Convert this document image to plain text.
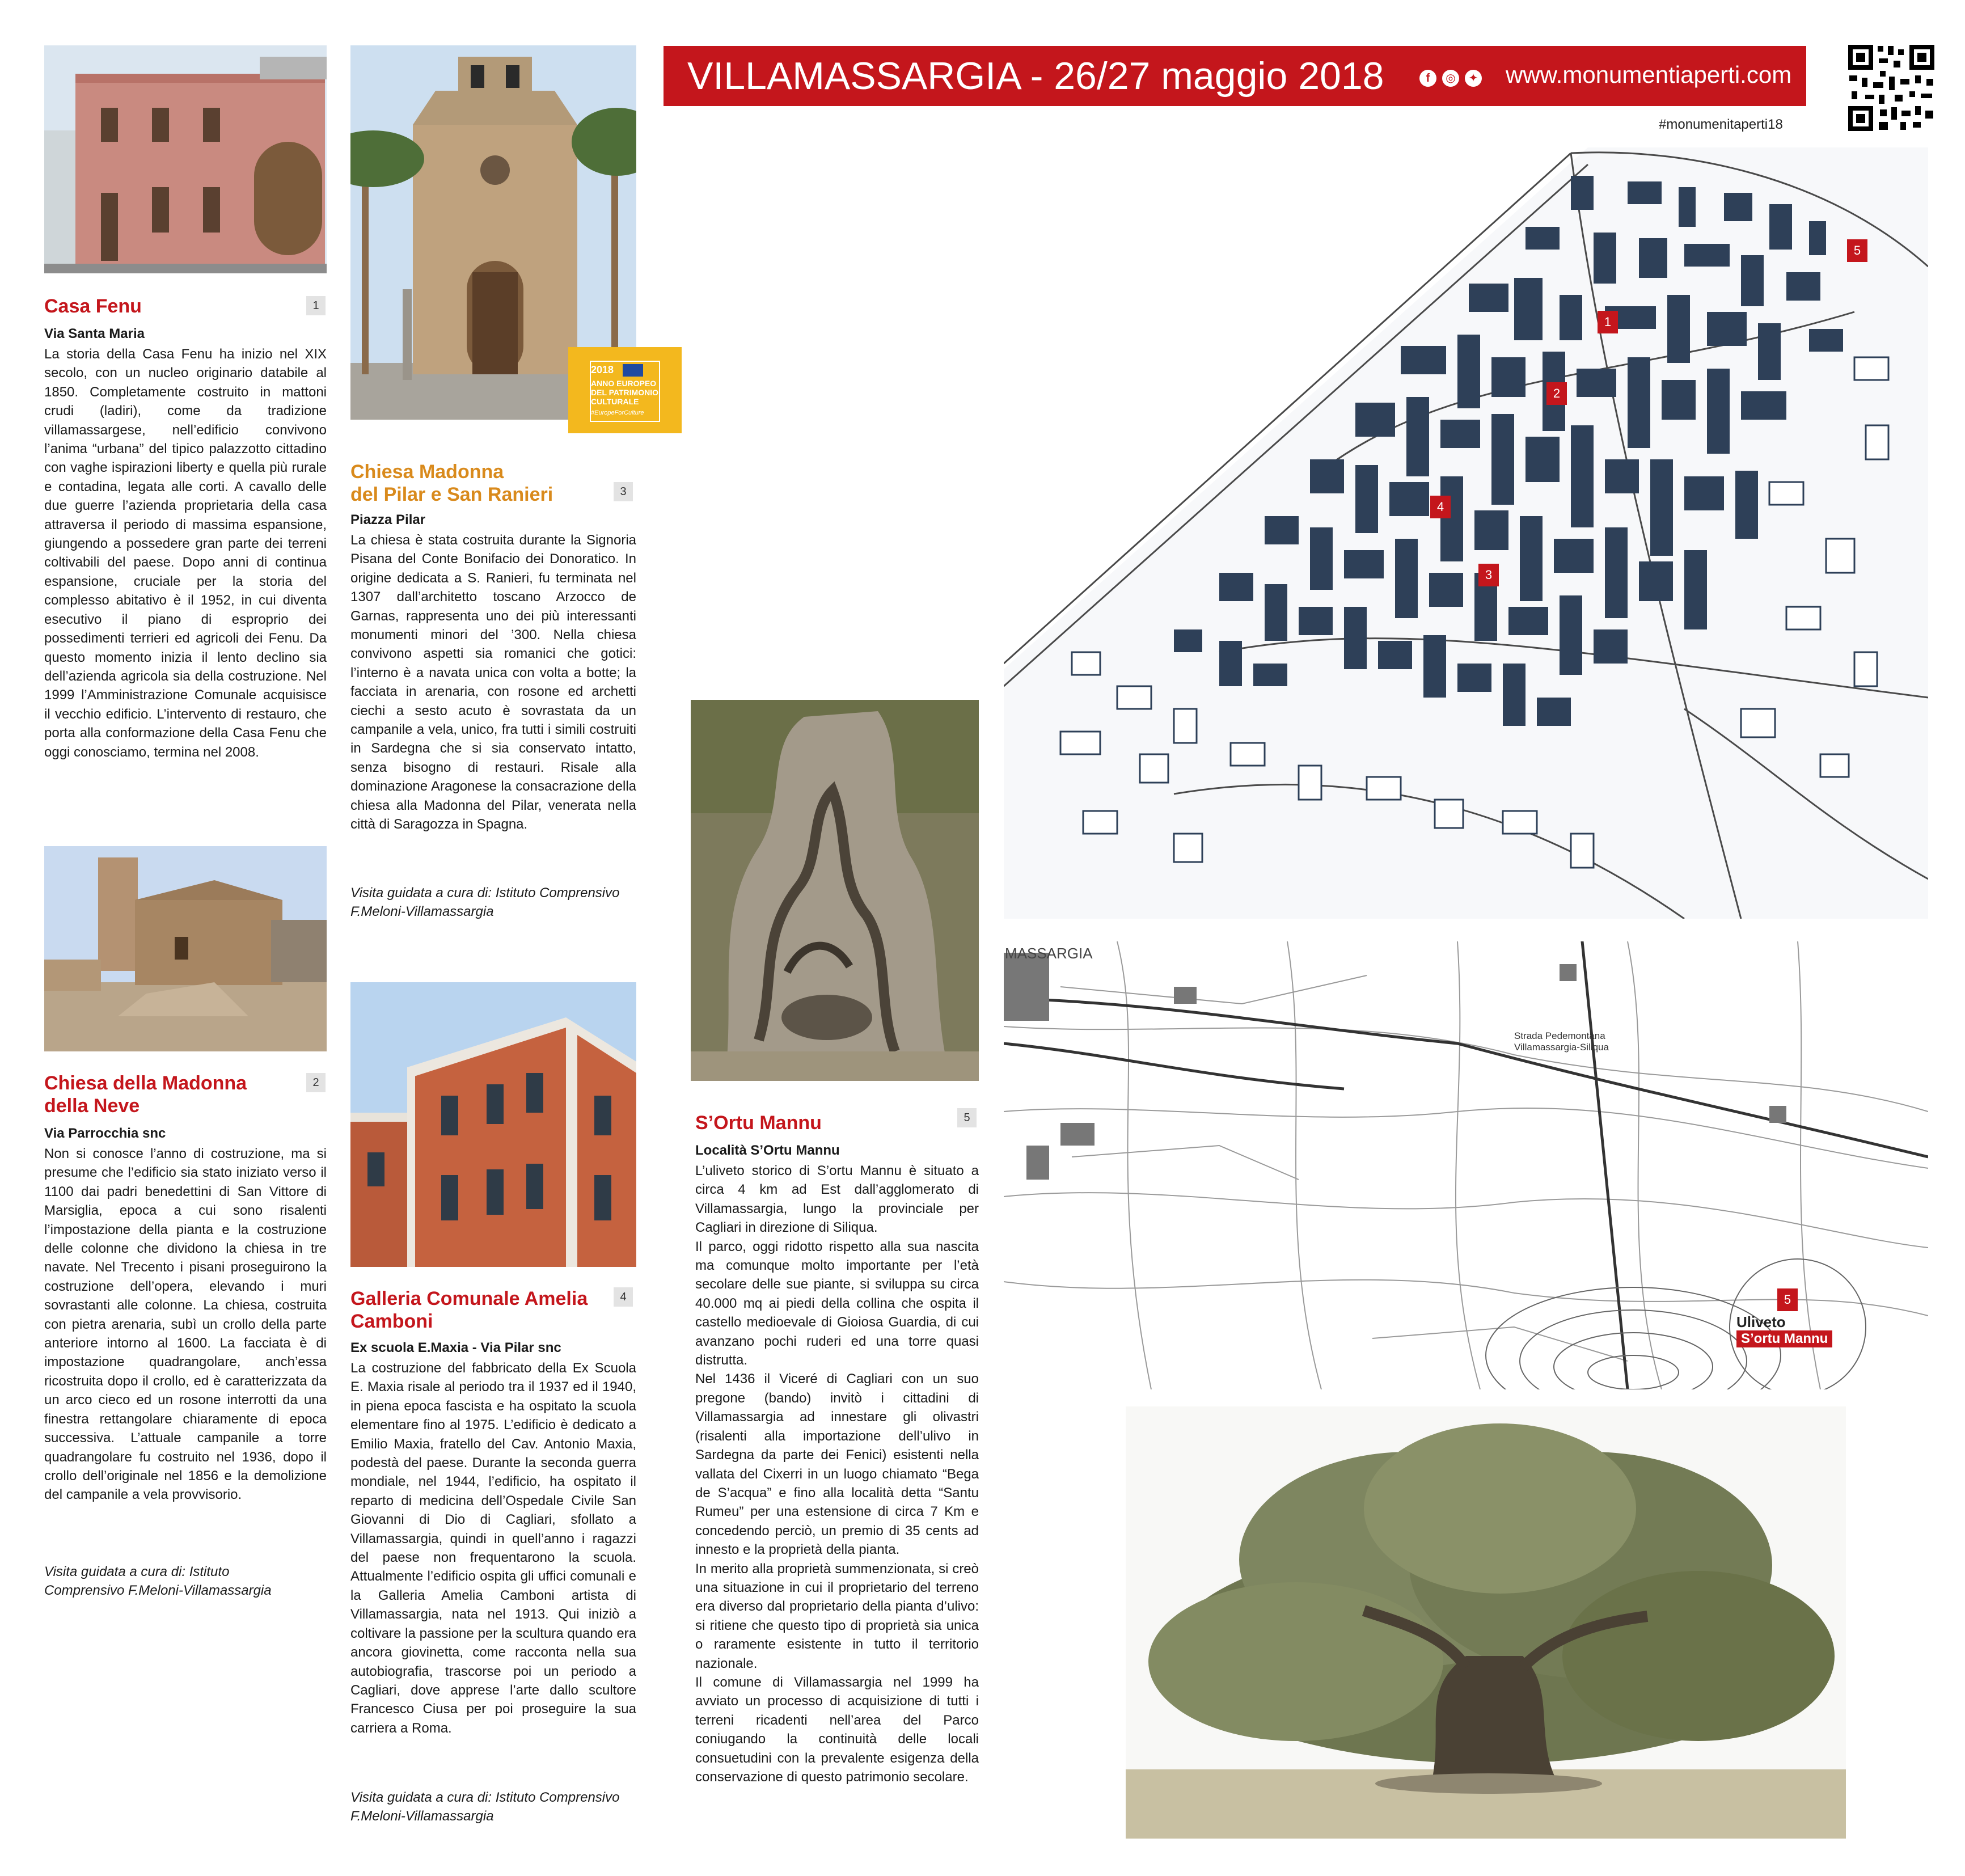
VILLAMASSARGIA - 26/27 maggio 2018	f	◎	✦ www.monumentiaperti.com
#monumenitaperti18
Casa Fenu	1
Via Santa Maria
La storia della Casa Fenu ha inizio nel XIX secolo, con un nucleo originario databile al 1850. Completamente costruito in mattoni crudi (ladiri), come da tradizione villamassargese, nell’edificio convivono l’anima “urbana” del tipico palazzotto cittadino con vaghe ispirazioni liberty e quella più rurale e contadina, legata alle corti. A cavallo delle due guerre l’azienda proprietaria della casa attraversa il periodo di massima espansione, giungendo a possedere gran parte dei terreni coltivabili del paese. Dopo anni di continua espansione, cruciale per la storia del complesso abitativo è il 1952, in cui diventa esecutivo il piano di esproprio dei possedimenti terrieri ed agricoli dei Fenu. Da questo momento inizia il lento declino sia dell’azienda agricola sia della costruzione. Nel 1999 l’Amministrazione Comunale acquisisce il vecchio edificio. L’intervento di restauro, che porta alla conformazione della Casa Fenu che oggi conosciamo, termina nel 2008.
Chiesa della Madonna
della Neve
2
Via Parrocchia snc
Non si conosce l’anno di costruzione, ma si presume che l’edificio sia stato iniziato verso il 1100 dai padri benedettini di San Vittore di Marsiglia, epoca a cui sono risalenti l’impostazione della pianta e la costruzione delle colonne che dividono la chiesa in tre navate. Nel Trecento i pisani proseguirono la costruzione dell’opera, elevando i muri sovrastanti alle colonne. La chiesa, costruita con pietra arenaria, subì un crollo della parte anteriore intorno al 1600. La facciata è di impostazione quadrangolare, anch’essa ricostruita dopo il crollo, ed è caratterizzata da un arco cieco ed un rosone interrotti da una finestra rettangolare chiaramente di epoca successiva. L’attuale campanile a torre quadrangolare fu costruito nel 1936, dopo il crollo dell’originale nel 1856 e la demolizione del campanile a vela provvisorio.
Visita guidata a cura di: Istituto Comprensivo F.Meloni-Villamassargia
2018
ANNO EUROPEO
DEL PATRIMONIO
CULTURALE
#EuropeForCulture
Chiesa Madonna
del Pilar e San Ranieri	3
Piazza Pilar
La chiesa è stata costruita durante la Signoria Pisana del Conte Bonifacio dei Donoratico. In origine dedicata a S. Ranieri, fu terminata nel 1307 dall’architetto toscano Arzocco de Garnas, rappresenta uno dei più interessanti monumenti minori del ’300. Nella chiesa convivono aspetti sia romanici che gotici: l’interno è a navata unica con volta a botte; la facciata in arenaria, con rosone ed archetti ciechi a sesto acuto è sovrastata da un campanile a vela, unico, fra tutti i simili costruiti in Sardegna che si sia conservato intatto, senza bisogno di restauri. Risale alla dominazione Aragonese la consacrazione della chiesa alla Madonna del Pilar, venerata nella città di Saragozza in Spagna.
Visita guidata a cura di: Istituto Comprensivo F.Meloni-Villamassargia
Galleria Comunale Amelia
Camboni
4
Ex scuola E.Maxia - Via Pilar snc
La costruzione del fabbricato della Ex Scuola E. Maxia risale al periodo tra il 1937 ed il 1940, in piena epoca fascista e ha ospitato la scuola elementare fino al 1975. L’edificio è dedicato a Emilio Maxia, fratello del Cav. Antonio Maxia, podestà del paese. Durante la seconda guerra mondiale, nel 1944, l’edificio, ha ospitato il reparto di medicina dell’Ospedale Civile San Giovanni di Dio di Cagliari, sfollato a Villamassargia, quindi in quell’anno i ragazzi del paese non frequentarono la scuola. Attualmente l’edificio ospita gli uffici comunali e la Galleria Amelia Camboni artista di Villamassargia, nata nel 1913. Qui iniziò a coltivare la passione per la scultura quando era ancora giovinetta, come racconta nella sua autobiografia, trascorse poi un periodo a Cagliari, dove apprese l’arte dallo scultore Francesco Ciusa per poi proseguire la sua carriera a Roma.
Visita guidata a cura di: Istituto Comprensivo F.Meloni-Villamassargia
S’Ortu Mannu	5
Località S’Ortu Mannu

L’uliveto storico di S’ortu Mannu è situato a circa 4 km ad Est dall’agglomerato di Villamassargia, lungo la provinciale per Cagliari in direzione di Siliqua.

Il parco, oggi ridotto rispetto alla sua nascita ma comunque molto importante per l’età secolare delle sue piante, si sviluppa su circa 40.000 mq ai piedi della collina che ospita il castello medioevale di Gioiosa Guardia, di cui avanzano pochi ruderi ed una torre quasi distrutta.

Nel 1436 il Viceré di Cagliari con un suo pregone (bando) invitò i cittadini di Villamassargia ad innestare gli olivastri (risalenti alla importazione dell’ulivo in Sardegna da parte dei Fenici) esistenti nella vallata del Cixerri in un luogo chiamato “Bega de S’acqua” e fino alla località detta “Santu Rumeu” per una estensione di circa 7 Km e concedendo perciò, un premio di 35 cents ad innesto e la proprietà della pianta.

In merito alla proprietà summenzionata, si creò una situazione in cui il proprietario del terreno era diverso dal proprietario della pianta d’ulivo: si ritiene che questo tipo di proprietà sia unica o raramente esistente in tutto il territorio nazionale.

Il comune di Villamassargia nel 1999 ha avviato un processo di acquisizione di tutti i terreni ricadenti nell’area del Parco coniugando la continuità delle locali consuetudini con la prevalente esigenza della conservazione di questo patrimonio secolare.

5
1
2
4
3
MASSARGIA
Strada Pedemontana
Villamassargia-Siliqua
5
Uliveto
S’ortu Mannu
